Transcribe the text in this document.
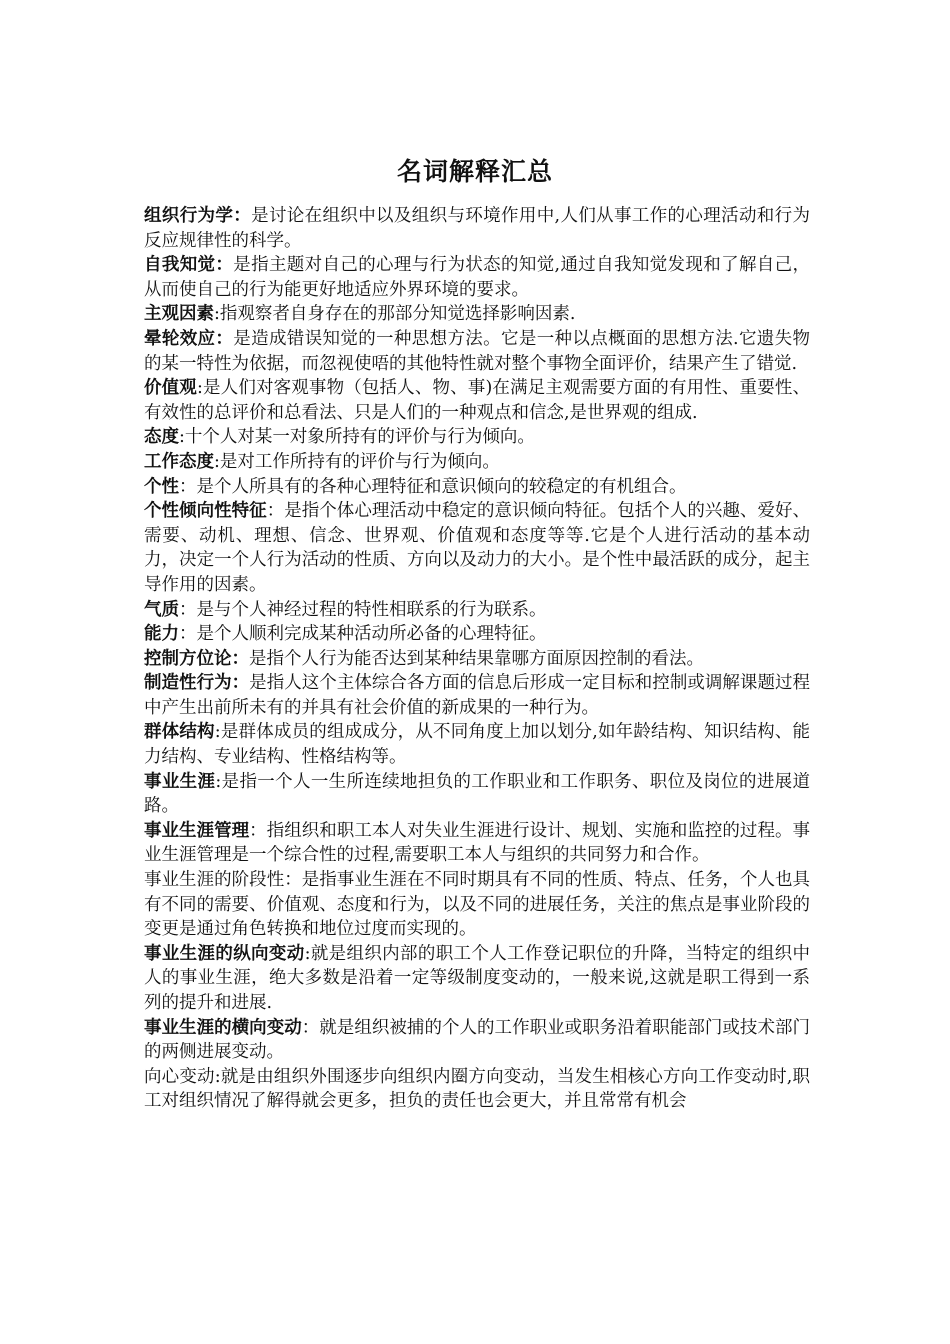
名词解释汇总

组织行为学：是讨论在组织中以及组织与环境作用中,人们从事工作的心理活动和行为反应规律性的科学。

自我知觉：是指主题对自己的心理与行为状态的知觉,通过自我知觉发现和了解自己，从而使自己的行为能更好地适应外界环境的要求。

主观因素:指观察者自身存在的那部分知觉选择影响因素.

晕轮效应：是造成错误知觉的一种思想方法。它是一种以点概面的思想方法.它遗失物的某一特性为依据，而忽视使唔的其他特性就对整个事物全面评价，结果产生了错觉.

价值观:是人们对客观事物（包括人、物、事)在满足主观需要方面的有用性、重要性、有效性的总评价和总看法、只是人们的一种观点和信念,是世界观的组成.

态度:十个人对某一对象所持有的评价与行为倾向。

工作态度:是对工作所持有的评价与行为倾向。

个性：是个人所具有的各种心理特征和意识倾向的较稳定的有机组合。

个性倾向性特征：是指个体心理活动中稳定的意识倾向特征。包括个人的兴趣、爱好、需要、动机、理想、信念、世界观、价值观和态度等等.它是个人进行活动的基本动力，决定一个人行为活动的性质、方向以及动力的大小。是个性中最活跃的成分，起主导作用的因素。

气质：是与个人神经过程的特性相联系的行为联系。

能力：是个人顺利完成某种活动所必备的心理特征。

控制方位论：是指个人行为能否达到某种结果靠哪方面原因控制的看法。

制造性行为：是指人这个主体综合各方面的信息后形成一定目标和控制或调解课题过程中产生出前所未有的并具有社会价值的新成果的一种行为。

群体结构:是群体成员的组成成分，从不同角度上加以划分,如年龄结构、知识结构、能力结构、专业结构、性格结构等。

事业生涯:是指一个人一生所连续地担负的工作职业和工作职务、职位及岗位的进展道路。

事业生涯管理：指组织和职工本人对失业生涯进行设计、规划、实施和监控的过程。事业生涯管理是一个综合性的过程,需要职工本人与组织的共同努力和合作。

事业生涯的阶段性：是指事业生涯在不同时期具有不同的性质、特点、任务，个人也具有不同的需要、价值观、态度和行为，以及不同的进展任务，关注的焦点是事业阶段的变更是通过角色转换和地位过度而实现的。

事业生涯的纵向变动:就是组织内部的职工个人工作登记职位的升降，当特定的组织中人的事业生涯，绝大多数是沿着一定等级制度变动的，一般来说,这就是职工得到一系列的提升和进展.

事业生涯的横向变动：就是组织被捕的个人的工作职业或职务沿着职能部门或技术部门的两侧进展变动。

向心变动:就是由组织外围逐步向组织内圈方向变动，当发生相核心方向工作变动时,职工对组织情况了解得就会更多，担负的责任也会更大，并且常常有机会
